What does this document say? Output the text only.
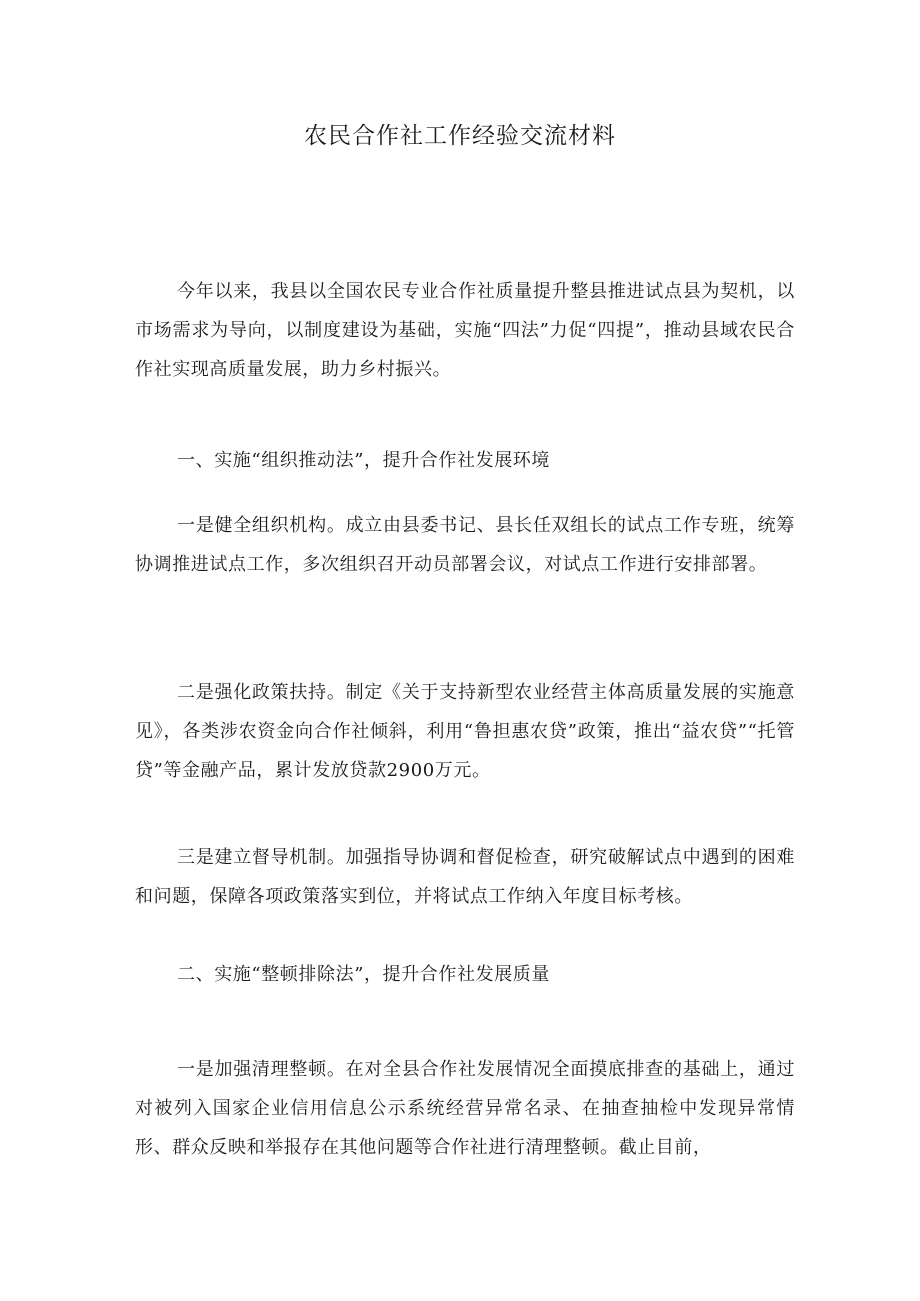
农民合作社工作经验交流材料

今年以来，我县以全国农民专业合作社质量提升整县推进试点县为契机，以市场需求为导向，以制度建设为基础，实施“四法”力促“四提”，推动县域农民合作社实现高质量发展，助力乡村振兴。

一、实施“组织推动法”，提升合作社发展环境

一是健全组织机构。成立由县委书记、县长任双组长的试点工作专班，统筹协调推进试点工作，多次组织召开动员部署会议，对试点工作进行安排部署。

二是强化政策扶持。制定《关于支持新型农业经营主体高质量发展的实施意见》，各类涉农资金向合作社倾斜，利用“鲁担惠农贷”政策，推出“益农贷”“托管贷”等金融产品，累计发放贷款2900万元。

三是建立督导机制。加强指导协调和督促检查，研究破解试点中遇到的困难和问题，保障各项政策落实到位，并将试点工作纳入年度目标考核。

二、实施“整顿排除法”，提升合作社发展质量

一是加强清理整顿。在对全县合作社发展情况全面摸底排查的基础上，通过对被列入国家企业信用信息公示系统经营异常名录、在抽查抽检中发现异常情形、群众反映和举报存在其他问题等合作社进行清理整顿。截止目前，
